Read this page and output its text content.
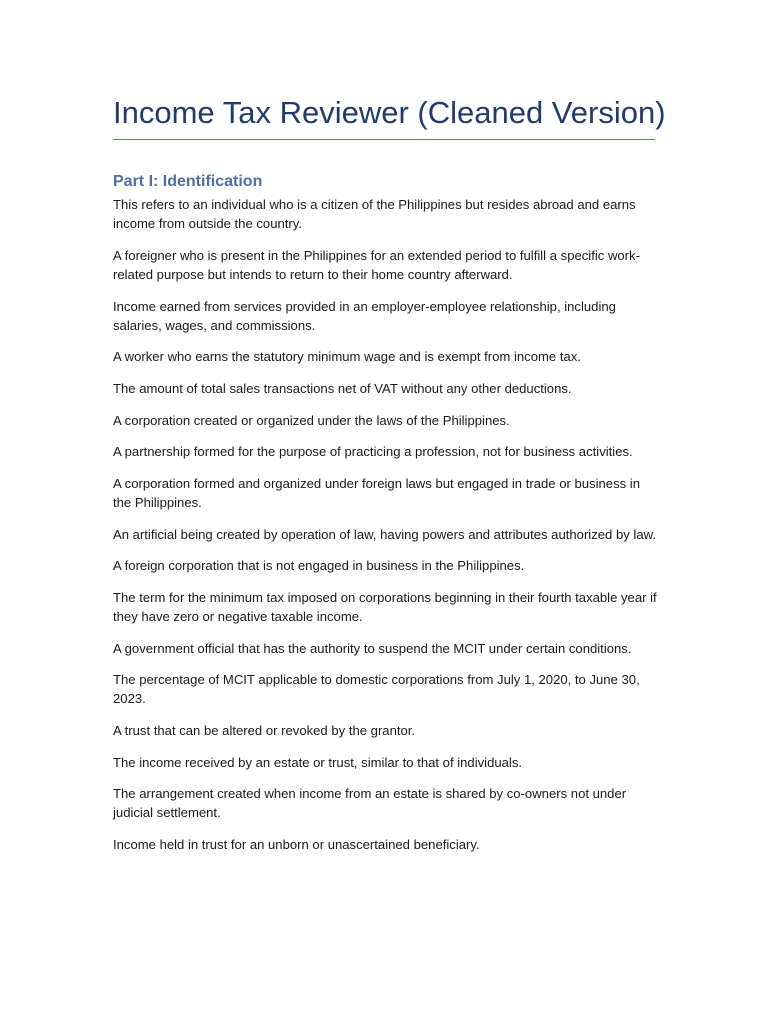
Income Tax Reviewer (Cleaned Version)
Part I: Identification
This refers to an individual who is a citizen of the Philippines but resides abroad and earns income from outside the country.
A foreigner who is present in the Philippines for an extended period to fulfill a specific work-related purpose but intends to return to their home country afterward.
Income earned from services provided in an employer-employee relationship, including salaries, wages, and commissions.
A worker who earns the statutory minimum wage and is exempt from income tax.
The amount of total sales transactions net of VAT without any other deductions.
A corporation created or organized under the laws of the Philippines.
A partnership formed for the purpose of practicing a profession, not for business activities.
A corporation formed and organized under foreign laws but engaged in trade or business in the Philippines.
An artificial being created by operation of law, having powers and attributes authorized by law.
A foreign corporation that is not engaged in business in the Philippines.
The term for the minimum tax imposed on corporations beginning in their fourth taxable year if they have zero or negative taxable income.
A government official that has the authority to suspend the MCIT under certain conditions.
The percentage of MCIT applicable to domestic corporations from July 1, 2020, to June 30, 2023.
A trust that can be altered or revoked by the grantor.
The income received by an estate or trust, similar to that of individuals.
The arrangement created when income from an estate is shared by co-owners not under judicial settlement.
Income held in trust for an unborn or unascertained beneficiary.
